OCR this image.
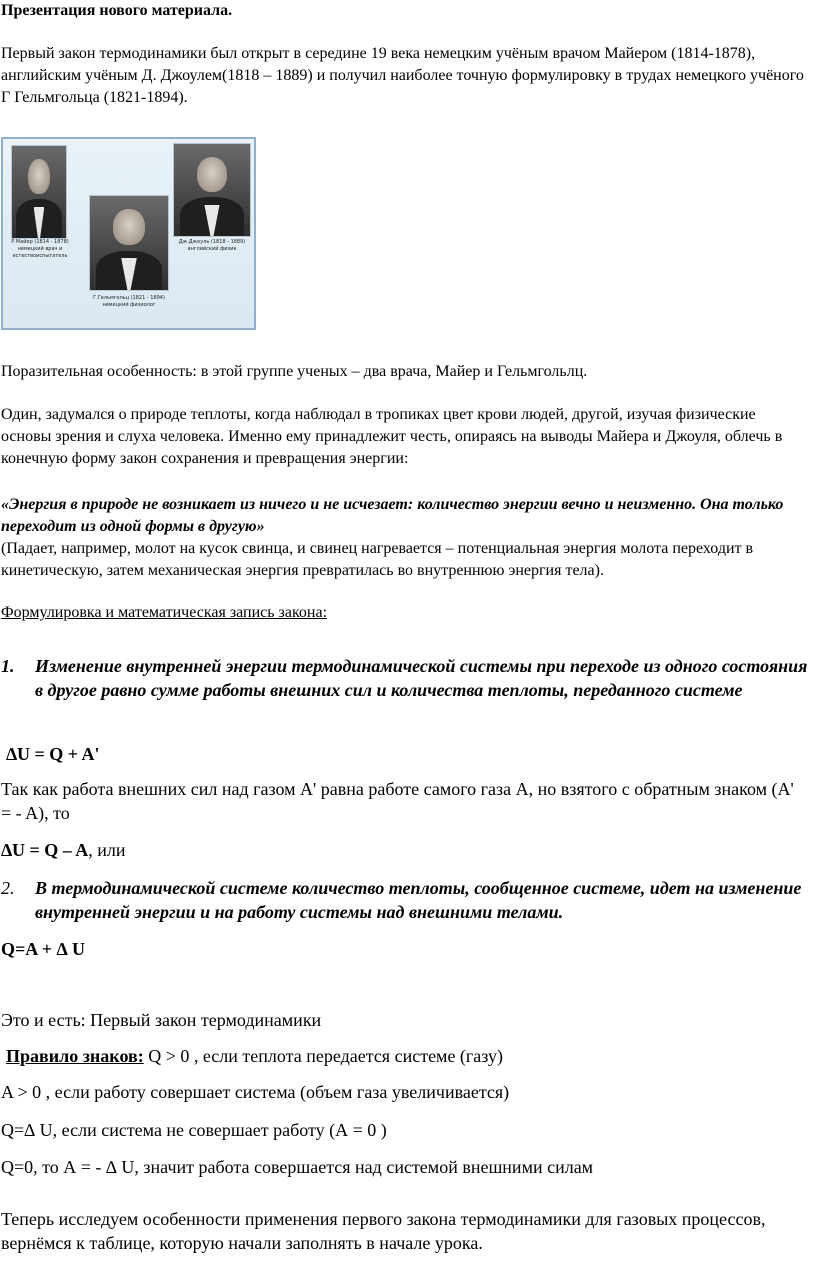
Презентация нового материала.

Первый закон термодинамики был открыт в середине 19 века немецким учёным врачом Майером (1814-1878), английским учёным Д. Джоулем(1818 – 1889) и получил наиболее точную формулировку в трудах немецкого учёного Г Гельмгольца (1821-1894).

Р.Майер (1814 - 1878) немецкий врач и естествоиспытатель
Г.Гельмгольц (1821 - 1894) немецкий физиолог
Дж.Джоуль (1818 - 1889) английский физик

Поразительная особенность: в этой группе ученых – два врача, Майер и Гельмгольлц.

Один, задумался о природе теплоты, когда наблюдал в тропиках цвет крови людей, другой, изучая физические основы зрения и слуха человека. Именно ему принадлежит честь, опираясь на выводы Майера и Джоуля, облечь в конечную форму закон сохранения и превращения энергии:

«Энергия в природе не возникает из ничего и не исчезает: количество энергии вечно и неизменно. Она только переходит из одной формы в другую»

(Падает, например, молот на кусок свинца, и свинец нагревается – потенциальная энергия молота переходит в кинетическую, затем механическая энергия превратилась во внутреннюю энергия тела).

Формулировка и математическая запись закона:

1. Изменение внутренней энергии термодинамической системы при переходе из одного состояния в другое равно сумме работы внешних сил и количества теплоты, переданного системе

∆U = Q + A'

Так как работа внешних сил над газом A' равна работе самого газа A, но взятого с обратным знаком (A' = - A), то

∆U = Q – A, или

2. В термодинамической системе количество теплоты, сообщенное системе, идет на изменение внутренней энергии и на работу системы над внешними телами.

Q=A + ∆ U

Это и есть: Первый закон термодинамики

Правило знаков: Q > 0 , если теплота передается системе (газу)

A > 0 , если работу совершает система (объем газа увеличивается)

Q=∆ U, если система не совершает работу (А = 0 )

Q=0, то А = - ∆ U, значит работа совершается над системой внешними силам

Теперь исследуем особенности применения первого закона термодинамики для газовых процессов, вернёмся к таблице, которую начали заполнять в начале урока.
